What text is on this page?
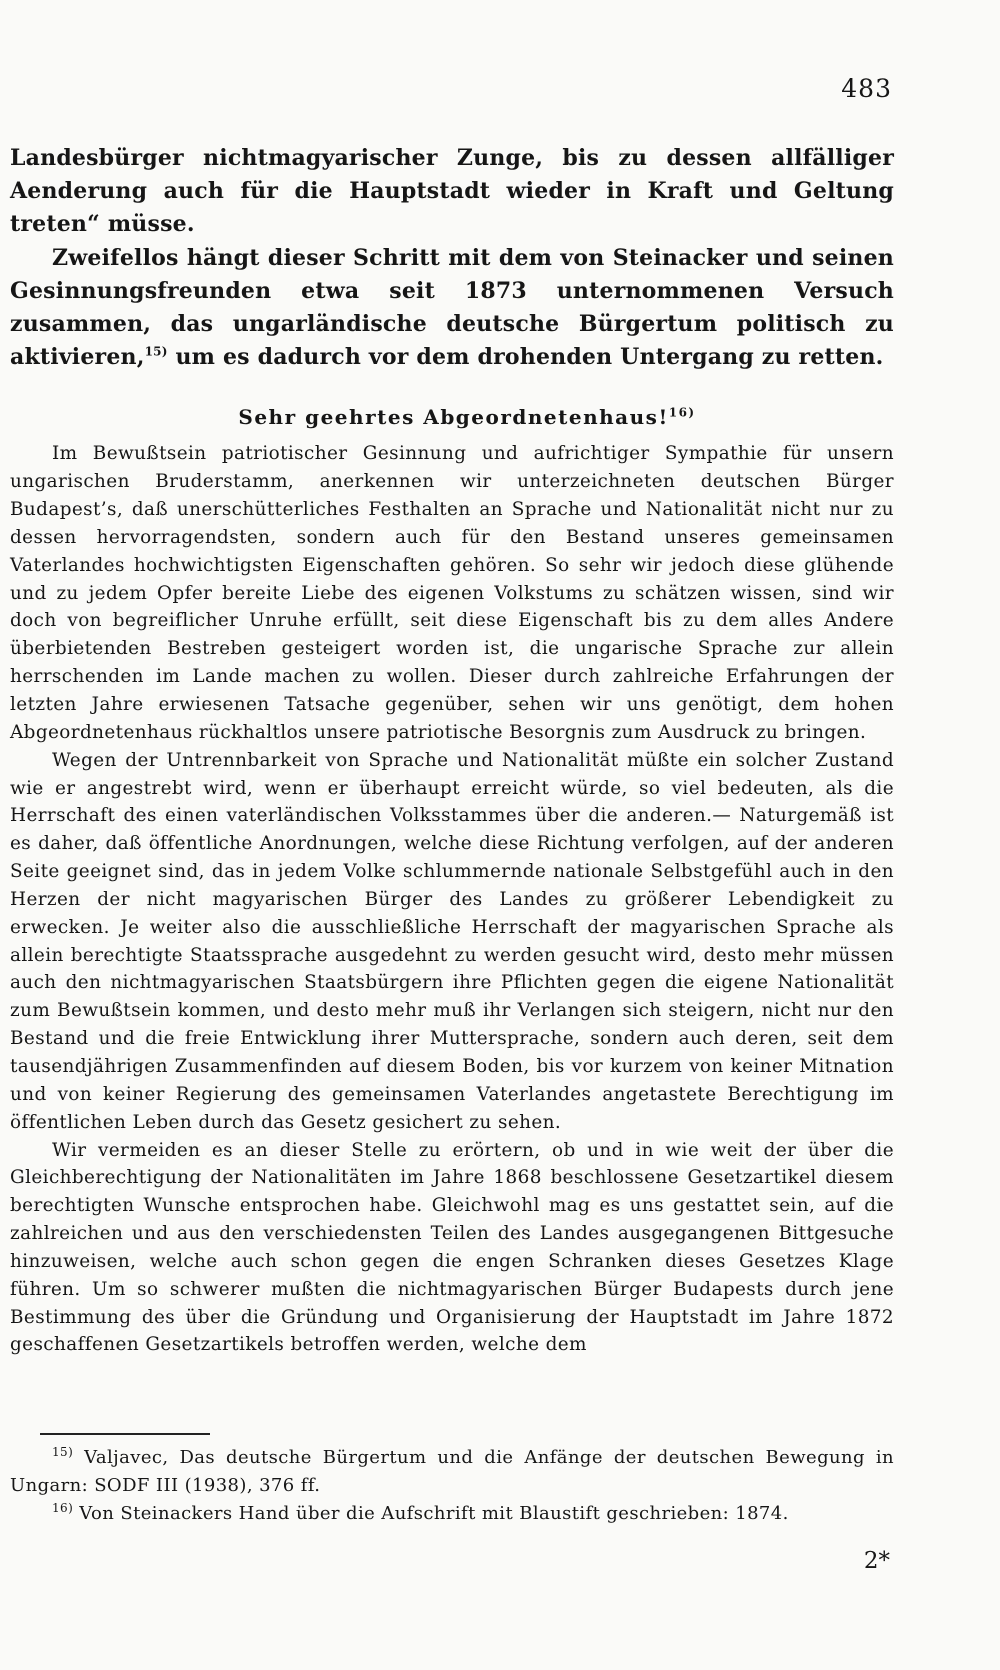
483

Landesbürger nichtmagyarischer Zunge, bis zu dessen allfälliger Aenderung auch für die Hauptstadt wieder in Kraft und Geltung treten“ müsse.

Zweifellos hängt dieser Schritt mit dem von Steinacker und seinen Gesinnungsfreunden etwa seit 1873 unternommenen Versuch zusammen, das ungarländische deutsche Bürgertum politisch zu aktivieren,$^{15)}$ um es dadurch vor dem drohenden Untergang zu retten.

Sehr geehrtes Abgeordnetenhaus!$^{16)}$

Im Bewußtsein patriotischer Gesinnung und aufrichtiger Sympathie für unsern ungarischen Bruderstamm, anerkennen wir unterzeichneten deutschen Bürger Budapest’s, daß unerschütterliches Festhalten an Sprache und Nationalität nicht nur zu dessen hervorragendsten, sondern auch für den Bestand unseres gemeinsamen Vaterlandes hochwichtigsten Eigenschaften gehören. So sehr wir jedoch diese glühende und zu jedem Opfer bereite Liebe des eigenen Volkstums zu schätzen wissen, sind wir doch von begreiflicher Unruhe erfüllt, seit diese Eigenschaft bis zu dem alles Andere überbietenden Bestreben gesteigert worden ist, die ungarische Sprache zur allein herrschenden im Lande machen zu wollen. Dieser durch zahlreiche Erfahrungen der letzten Jahre erwiesenen Tatsache gegenüber, sehen wir uns genötigt, dem hohen Abgeordnetenhaus rückhaltlos unsere patriotische Besorgnis zum Ausdruck zu bringen.

Wegen der Untrennbarkeit von Sprache und Nationalität müßte ein solcher Zustand wie er angestrebt wird, wenn er überhaupt erreicht würde, so viel bedeuten, als die Herrschaft des einen vaterländischen Volksstammes über die anderen.— Naturgemäß ist es daher, daß öffentliche Anordnungen, welche diese Richtung verfolgen, auf der anderen Seite geeignet sind, das in jedem Volke schlummernde nationale Selbstgefühl auch in den Herzen der nicht magyarischen Bürger des Landes zu größerer Lebendigkeit zu erwecken. Je weiter also die ausschließliche Herrschaft der magyarischen Sprache als allein berechtigte Staatssprache ausgedehnt zu werden gesucht wird, desto mehr müssen auch den nichtmagyarischen Staatsbürgern ihre Pflichten gegen die eigene Nationalität zum Bewußtsein kommen, und desto mehr muß ihr Verlangen sich steigern, nicht nur den Bestand und die freie Entwicklung ihrer Muttersprache, sondern auch deren, seit dem tausendjährigen Zusammenfinden auf diesem Boden, bis vor kurzem von keiner Mitnation und von keiner Regierung des gemeinsamen Vaterlandes angetastete Berechtigung im öffentlichen Leben durch das Gesetz gesichert zu sehen.

Wir vermeiden es an dieser Stelle zu erörtern, ob und in wie weit der über die Gleichberechtigung der Nationalitäten im Jahre 1868 beschlossene Gesetzartikel diesem berechtigten Wunsche entsprochen habe. Gleichwohl mag es uns gestattet sein, auf die zahlreichen und aus den verschiedensten Teilen des Landes ausgegangenen Bittgesuche hinzuweisen, welche auch schon gegen die engen Schranken dieses Gesetzes Klage führen. Um so schwerer mußten die nichtmagyarischen Bürger Budapests durch jene Bestimmung des über die Gründung und Organisierung der Hauptstadt im Jahre 1872 geschaffenen Gesetzartikels betroffen werden, welche dem

$^{15)}$ Valjavec, Das deutsche Bürgertum und die Anfänge der deutschen Bewegung in Ungarn: SODF III (1938), 376 ff.

$^{16)}$ Von Steinackers Hand über die Aufschrift mit Blaustift geschrieben: 1874.

2*
